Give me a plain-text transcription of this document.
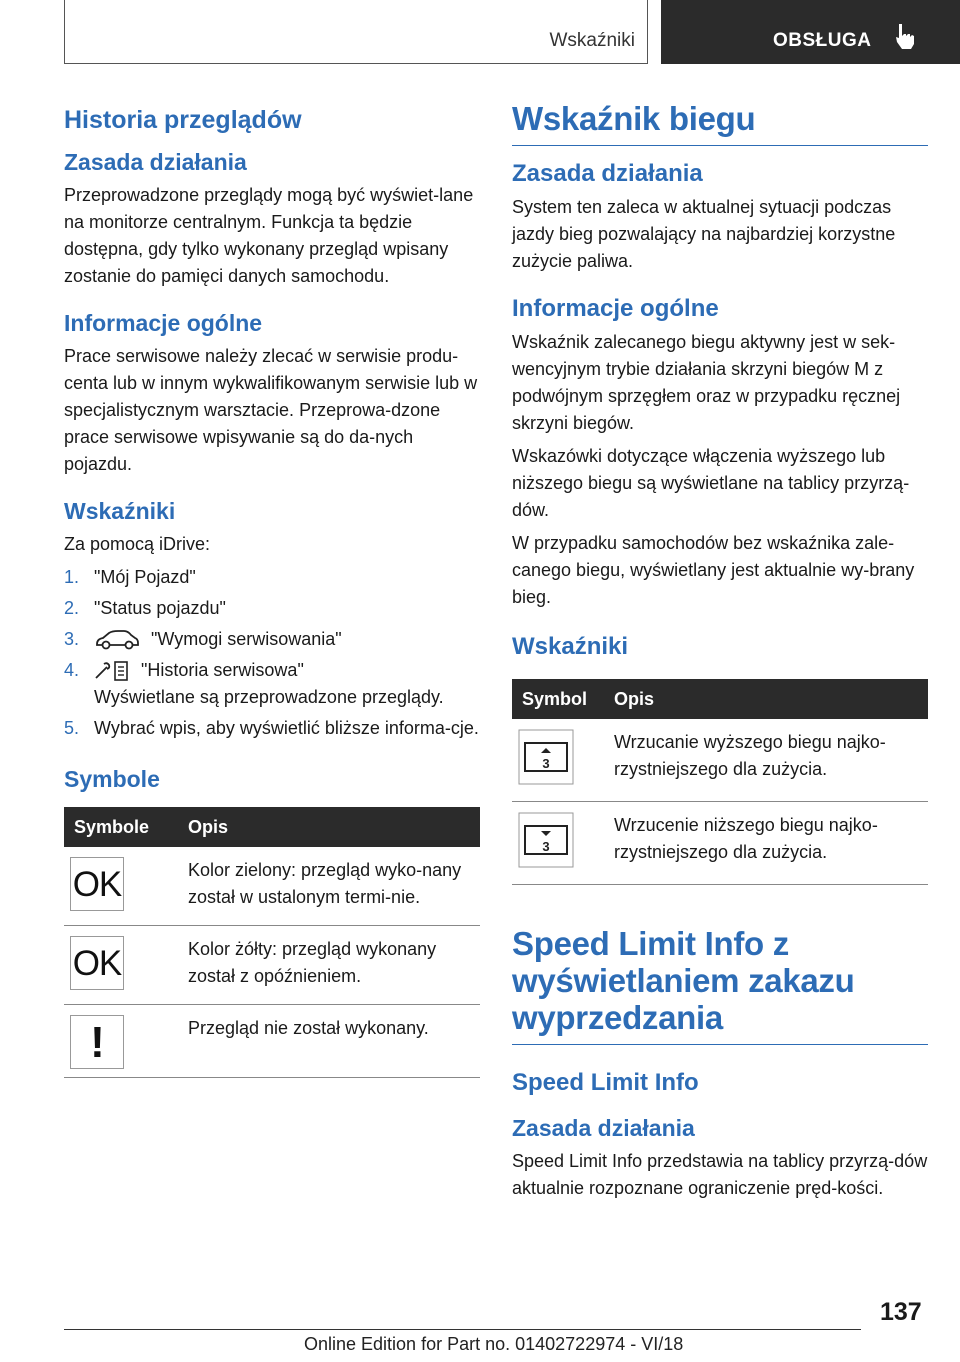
Wskaźniki	OBSŁUGA
Historia przeglądów
Zasada działania

Przeprowadzone przeglądy mogą być wyświet-lane na monitorze centralnym. Funkcja ta będzie dostępna, gdy tylko wykonany przegląd wpisany zostanie do pamięci danych samochodu.

Informacje ogólne

Prace serwisowe należy zlecać w serwisie produ-centa lub w innym wykwalifikowanym serwisie lub w specjalistycznym warsztacie. Przeprowa-dzone prace serwisowe wpisywanie są do da-nych pojazdu.

Wskaźniki

Za pomocą iDrive:

1. "Mój Pojazd"
2. "Status pojazdu"
3.	"Wymogi serwisowania"
4.	"Historia serwisowa"
Wyświetlane są przeprowadzone przeglądy.
5. Wybrać wpis, aby wyświetlić bliższe informa-cje.
Symbole
Symbole	Opis

OK	Kolor zielony: przegląd wyko-nany został w ustalonym termi-nie.

OK	Kolor żółty: przegląd wykonany został z opóźnieniem.

!	Przegląd nie został wykonany.
Wskaźnik biegu
Zasada działania

System ten zaleca w aktualnej sytuacji podczas jazdy bieg pozwalający na najbardziej korzystne zużycie paliwa.

Informacje ogólne

Wskaźnik zalecanego biegu aktywny jest w sek-wencyjnym trybie działania skrzyni biegów M z podwójnym sprzęgłem oraz w przypadku ręcznej skrzyni biegów.

Wskazówki dotyczące włączenia wyższego lub niższego biegu są wyświetlane na tablicy przyrzą-dów.

W przypadku samochodów bez wskaźnika zale-canego biegu, wyświetlany jest aktualnie wy-brany bieg.

Wskaźniki
Symbol	Opis

3	Wrzucanie wyższego biegu najko-rzystniejszego dla zużycia.

3	Wrzucenie niższego biegu najko-rzystniejszego dla zużycia.
Speed Limit Info z wyświetlaniem zakazu wyprzedzania
Speed Limit Info
Zasada działania

Speed Limit Info przedstawia na tablicy przyrzą-dów aktualnie rozpoznane ograniczenie pręd-kości.

137
Online Edition for Part no. 01402722974 - VI/18
